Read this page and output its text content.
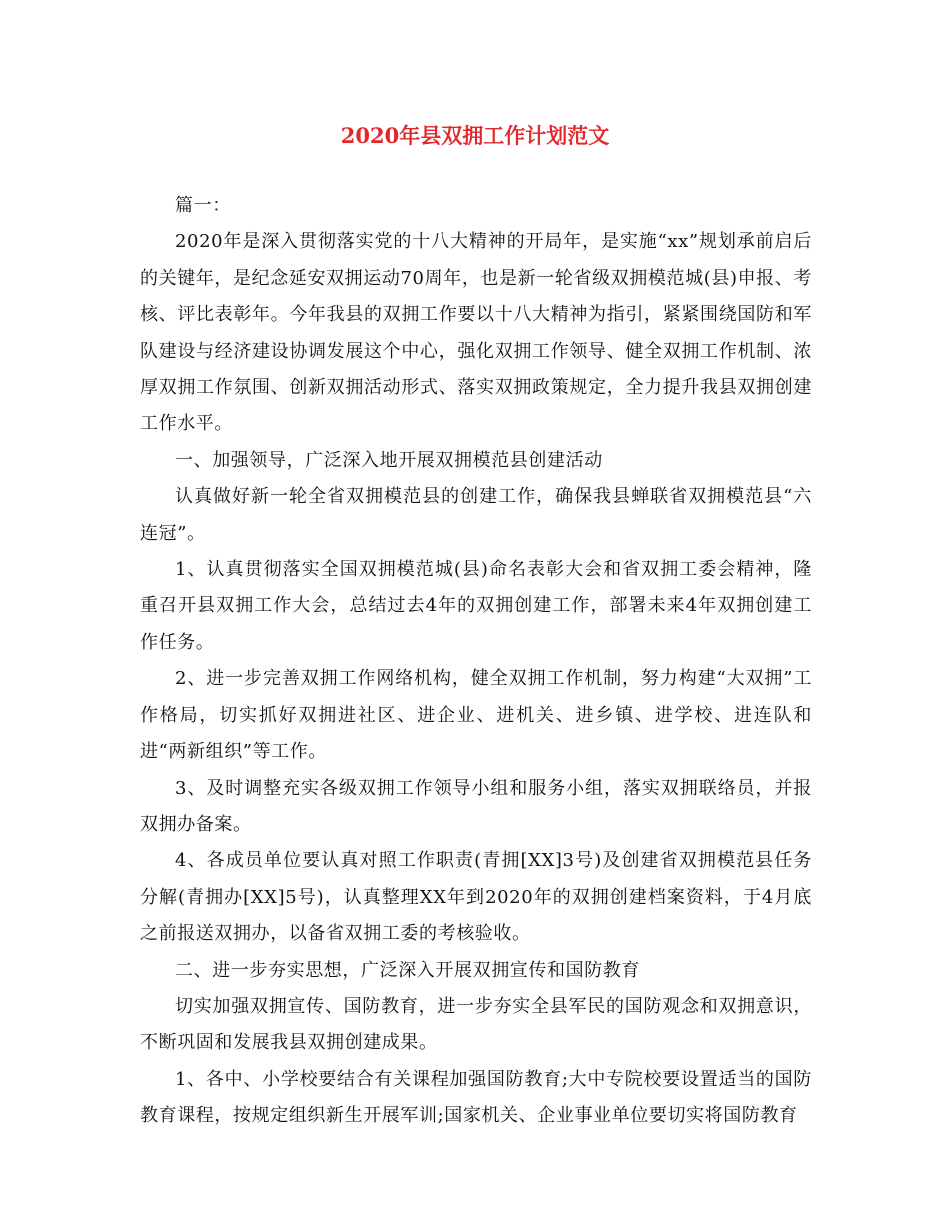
2020年县双拥工作计划范文

篇一：

2020年是深入贯彻落实党的十八大精神的开局年，是实施“xx”规划承前启后的关键年，是纪念延安双拥运动70周年，也是新一轮省级双拥模范城(县)申报、考核、评比表彰年。今年我县的双拥工作要以十八大精神为指引，紧紧围绕国防和军队建设与经济建设协调发展这个中心，强化双拥工作领导、健全双拥工作机制、浓厚双拥工作氛围、创新双拥活动形式、落实双拥政策规定，全力提升我县双拥创建工作水平。

一、加强领导，广泛深入地开展双拥模范县创建活动

认真做好新一轮全省双拥模范县的创建工作，确保我县蝉联省双拥模范县“六连冠”。

1、认真贯彻落实全国双拥模范城(县)命名表彰大会和省双拥工委会精神，隆重召开县双拥工作大会，总结过去4年的双拥创建工作，部署未来4年双拥创建工作任务。

2、进一步完善双拥工作网络机构，健全双拥工作机制，努力构建“大双拥”工作格局，切实抓好双拥进社区、进企业、进机关、进乡镇、进学校、进连队和进“两新组织”等工作。

3、及时调整充实各级双拥工作领导小组和服务小组，落实双拥联络员，并报双拥办备案。

4、各成员单位要认真对照工作职责(青拥[XX]3号)及创建省双拥模范县任务分解(青拥办[XX]5号)，认真整理XX年到2020年的双拥创建档案资料，于4月底之前报送双拥办，以备省双拥工委的考核验收。

二、进一步夯实思想，广泛深入开展双拥宣传和国防教育

切实加强双拥宣传、国防教育，进一步夯实全县军民的国防观念和双拥意识，不断巩固和发展我县双拥创建成果。

1、各中、小学校要结合有关课程加强国防教育;大中专院校要设置适当的国防教育课程，按规定组织新生开展军训;国家机关、企业事业单位要切实将国防教育
